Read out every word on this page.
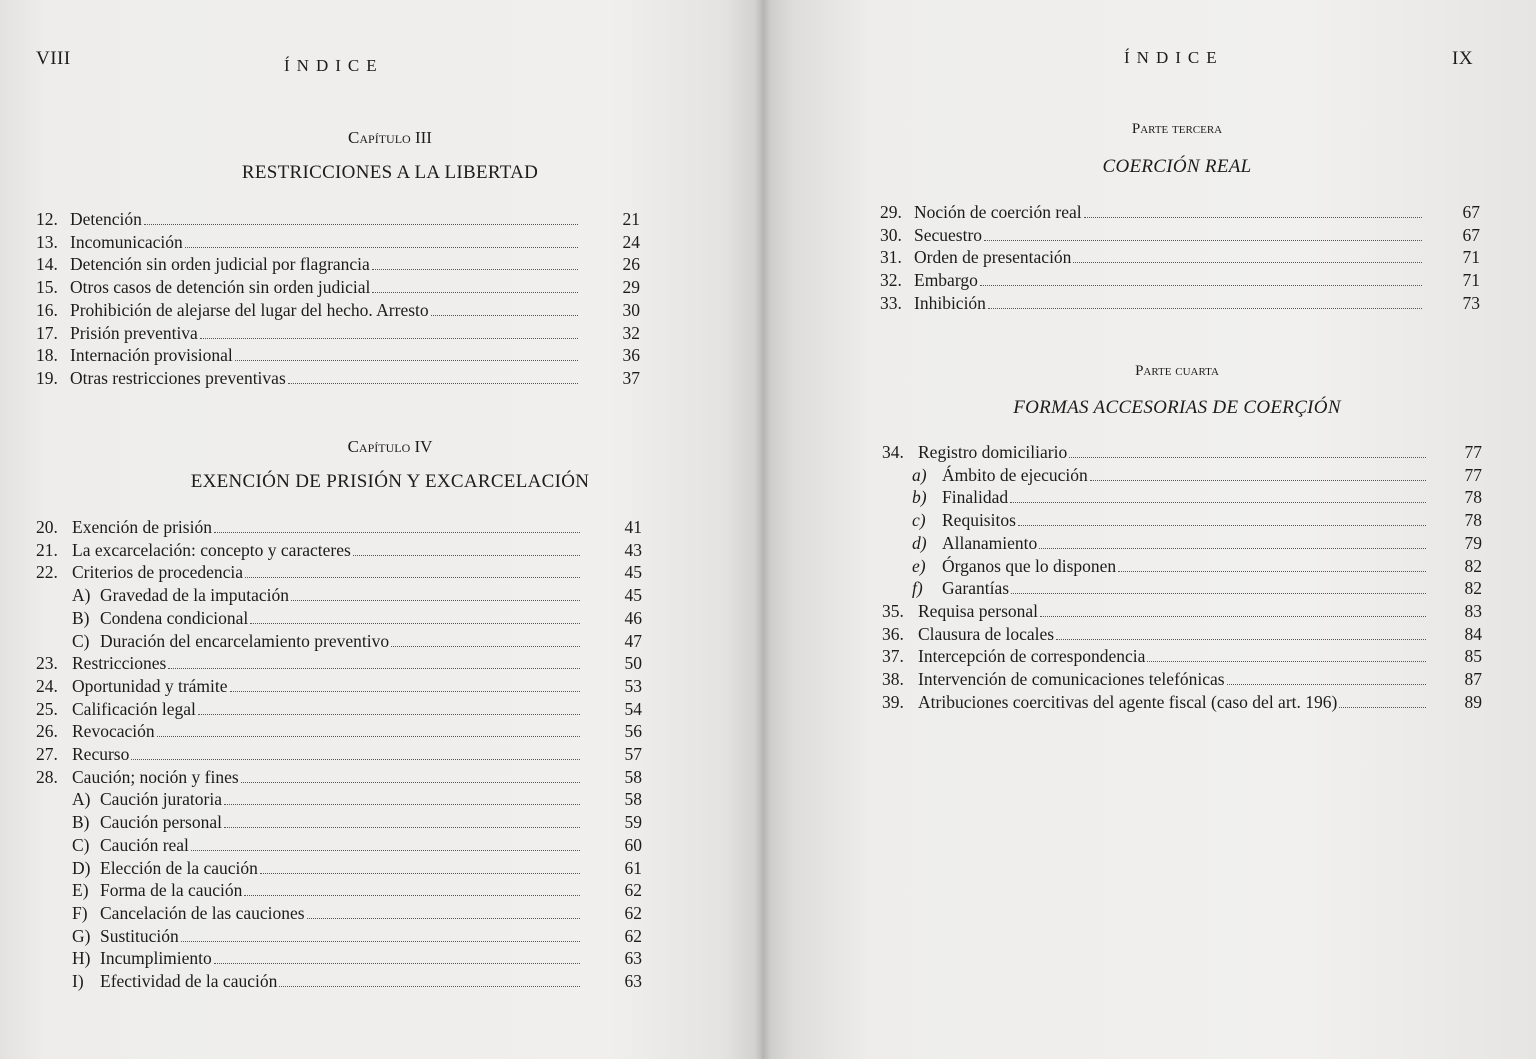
VIII	ÍNDICE
Capítulo III
RESTRICCIONES A LA LIBERTAD
12. Detención	21
13. Incomunicación	24
14. Detención sin orden judicial por flagrancia	26
15. Otros casos de detención sin orden judicial	29
16. Prohibición de alejarse del lugar del hecho. Arresto	30
17. Prisión preventiva	32
18. Internación provisional	36
19. Otras restricciones preventivas	37
Capítulo IV
EXENCIÓN DE PRISIÓN Y EXCARCELACIÓN
20. Exención de prisión	41
21. La excarcelación: concepto y caracteres	43
22. Criterios de procedencia	45
A) Gravedad de la imputación	45
B) Condena condicional	46
C) Duración del encarcelamiento preventivo	47
23. Restricciones	50
24. Oportunidad y trámite	53
25. Calificación legal	54
26. Revocación	56
27. Recurso	57
28. Caución; noción y fines	58
A) Caución juratoria	58
B) Caución personal	59
C) Caución real	60
D) Elección de la caución	61
E) Forma de la caución	62
F) Cancelación de las cauciones	62
G) Sustitución	62
H) Incumplimiento	63
I) Efectividad de la caución	63
ÍNDICE	IX
Parte tercera
COERCIÓN REAL
29. Noción de coerción real	67
30. Secuestro	67
31. Orden de presentación	71
32. Embargo	71
33. Inhibición	73
Parte cuarta
FORMAS ACCESORIAS DE COERÇIÓN
34. Registro domiciliario	77
a) Ámbito de ejecución	77
b) Finalidad	78
c) Requisitos	78
d) Allanamiento	79
e) Órganos que lo disponen	82
f)	Garantías	82
35. Requisa personal	83
36. Clausura de locales	84
37. Intercepción de correspondencia	85
38. Intervención de comunicaciones telefónicas	87
39. Atribuciones coercitivas del agente fiscal (caso del art. 196)	89
